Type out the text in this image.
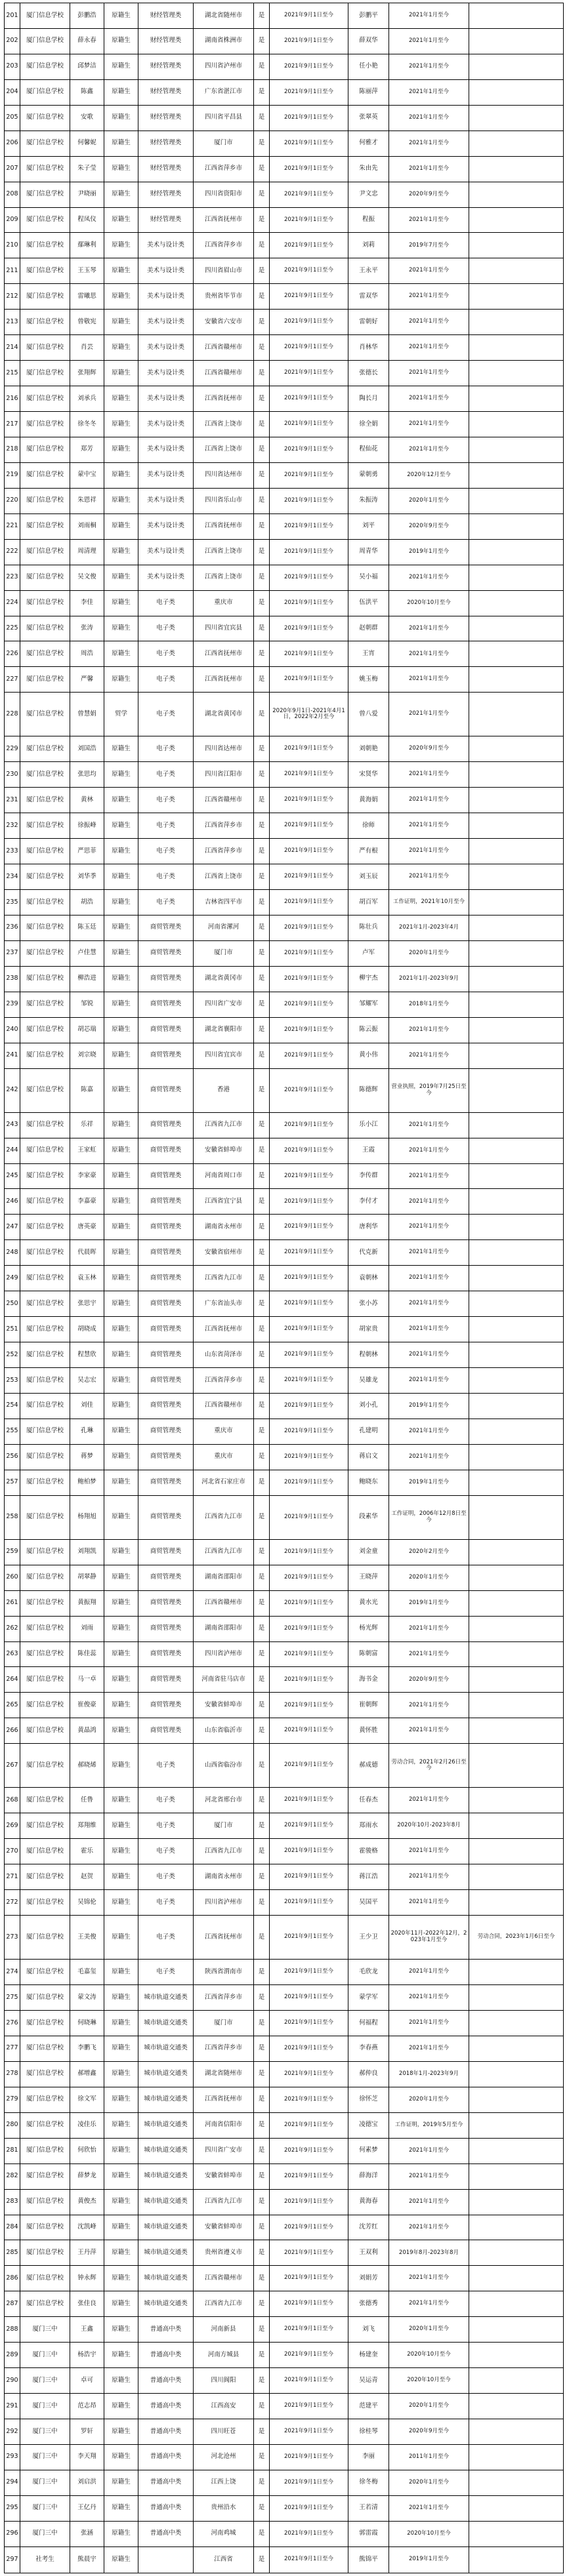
201	厦门信息学校	彭鹏浩	原籍生	财经管理类	湖北省随州市	是	2021年9月1日至今	彭鹏平	2021年1月至今	
202	厦门信息学校	薛永春	原籍生	财经管理类	湖南省株洲市	是	2021年9月1日至今	薛双华	2021年1月至今	
203	厦门信息学校	邱梦洁	原籍生	财经管理类	四川省泸州市	是	2021年9月1日至今	任小艳	2021年1月至今	
204	厦门信息学校	陈鑫	原籍生	财经管理类	广东省湛江市	是	2021年9月1日至今	陈丽萍	2021年1月至今	
205	厦门信息学校	安歌	原籍生	财经管理类	四川省平昌县	是	2021年9月1日至今	张翠英	2021年1月至今	
206	厦门信息学校	何馨妮	原籍生	财经管理类	厦门市	是	2021年9月1日至今	何雅才	2021年1月至今	
207	厦门信息学校	朱子莹	原籍生	财经管理类	江西省萍乡市	是	2021年9月1日至今	朱由先	2021年1月至今	
208	厦门信息学校	尹晓丽	原籍生	财经管理类	四川省资阳市	是	2021年9月1日至今	尹文忠	2020年9月至今	
209	厦门信息学校	程凤仪	原籍生	财经管理类	江西省抚州市	是	2021年9月1日至今	程振	2021年1月至今	
210	厦门信息学校	鄢琳利	原籍生	美术与设计类	江西省萍乡市	是	2021年9月1日至今	刘莉	2019年7月至今	
211	厦门信息学校	王玉琴	原籍生	美术与设计类	四川省眉山市	是	2021年9月1日至今	王永平	2021年1月至今	
212	厦门信息学校	雷曦思	原籍生	美术与设计类	贵州省毕节市	是	2021年9月1日至今	雷双华	2021年1月至今	
213	厦门信息学校	曾敬宪	原籍生	美术与设计类	安徽省六安市	是	2021年9月1日至今	雷朝好	2021年1月至今	
214	厦门信息学校	肖芸	原籍生	美术与设计类	江西省赣州市	是	2021年9月1日至今	肖林华	2021年1月至今	
215	厦门信息学校	张翔辉	原籍生	美术与设计类	江西省赣州市	是	2021年9月1日至今	张德长	2021年1月至今	
216	厦门信息学校	刘承兵	原籍生	美术与设计类	江西省抚州市	是	2021年9月1日至今	陶长月	2021年1月至今	
217	厦门信息学校	徐冬冬	原籍生	美术与设计类	江西省上饶市	是	2021年9月1日至今	徐全娟	2021年1月至今	
218	厦门信息学校	郑芳	原籍生	美术与设计类	江西省上饶市	是	2021年9月1日至今	程仙花	2021年1月至今	
219	厦门信息学校	蒙中宝	原籍生	美术与设计类	四川省达州市	是	2021年9月1日至今	蒙朝勇	2020年12月至今	
220	厦门信息学校	朱恩祥	原籍生	美术与设计类	四川省乐山市	是	2021年9月1日至今	朱振涛	2020年1月至今	
221	厦门信息学校	刘雨桐	原籍生	美术与设计类	江西省抚州市	是	2021年9月1日至今	刘平	2020年9月至今	
222	厦门信息学校	周清理	原籍生	美术与设计类	江西省上饶市	是	2021年9月1日至今	周青华	2019年1月至今	
223	厦门信息学校	吴文俊	原籍生	美术与设计类	江西省上饶市	是	2021年9月1日至今	吴小福	2021年1月至今	
224	厦门信息学校	李佳	原籍生	电子类	重庆市	是	2021年9月1日至今	伍洪平	2020年10月至今	
225	厦门信息学校	张涛	原籍生	电子类	四川省宜宾县	是	2021年9月1日至今	赵朝群	2021年1月至今	
226	厦门信息学校	周浩	原籍生	电子类	江西省抚州市	是	2021年9月1日至今	王宵	2021年1月至今	
227	厦门信息学校	严馨	原籍生	电子类	江西省抚州市	是	2021年9月1日至今	姚玉梅	2021年1月至今	
228	厦门信息学校	曾慧娟	贸学	电子类	湖北省黄冈市	是	2020年9月1日-2021年4月1日，2022年2月至今	曾八爱	2021年1月至今	
229	厦门信息学校	刘国浩	原籍生	电子类	四川省达州市	是	2021年9月1日至今	刘朝艳	2020年9月至今	
230	厦门信息学校	张思均	原籍生	电子类	四川省江阳市	是	2021年9月1日至今	宋贤华	2021年1月至今	
231	厦门信息学校	黄林	原籍生	电子类	江西省赣州市	是	2021年9月1日至今	黄海娟	2021年1月至今	
232	厦门信息学校	徐振峰	原籍生	电子类	江西省萍乡市	是	2021年9月1日至今	徐师	2021年1月至今	
233	厦门信息学校	严思菲	原籍生	电子类	江西省萍乡市	是	2021年9月1日至今	严有根	2021年1月至今	
234	厦门信息学校	刘华季	原籍生	电子类	江西省上饶市	是	2021年9月1日至今	刘玉辰	2021年1月至今	
235	厦门信息学校	胡浩	原籍生	电子类	吉林省四平市	是	2021年9月1日至今	胡百军	工作证明，2021年10月至今	
236	厦门信息学校	陈玉廷	原籍生	商贸管理类	河南省漯河	是	2021年9月1日至今	陈壮兵	2021年1月-2023年4月	
237	厦门信息学校	卢佳慧	原籍生	商贸管理类	厦门市	是	2021年9月1日至今	卢军	2020年1月至今	
238	厦门信息学校	柳浩进	原籍生	商贸管理类	湖北省黄冈市	是	2021年9月1日至今	柳宇杰	2021年1月-2023年9月	
239	厦门信息学校	邹锐	原籍生	商贸管理类	四川省广安市	是	2021年9月1日至今	邹耀军	2018年1月至今	
240	厦门信息学校	胡芯瑞	原籍生	商贸管理类	湖北省襄阳市	是	2021年9月1日至今	陈云振	2021年1月至今	
241	厦门信息学校	刘宗晓	原籍生	商贸管理类	四川省宜宾市	是	2021年9月1日至今	黄小伟	2021年1月至今	
242	厦门信息学校	陈嘉	原籍生	商贸管理类	香港	是	2021年9月1日至今	陈德辉	营业执照，2019年7月25日至今	
243	厦门信息学校	乐祥	原籍生	商贸管理类	江西省九江市	是	2021年9月1日至今	乐小江	2021年1月至今	
244	厦门信息学校	王家虹	原籍生	商贸管理类	安徽省蚌埠市	是	2021年9月1日至今	王霞	2021年1月至今	
245	厦门信息学校	李家豪	原籍生	商贸管理类	河南省周口市	是	2021年9月1日至今	李传群	2021年1月至今	
246	厦门信息学校	李嘉豪	原籍生	商贸管理类	江西省宜宁县	是	2021年9月1日至今	李付才	2021年1月至今	
247	厦门信息学校	唐英豪	原籍生	商贸管理类	湖南省永州市	是	2021年9月1日至今	唐利华	2021年1月至今	
248	厦门信息学校	代晨晖	原籍生	商贸管理类	安徽省宿州市	是	2021年9月1日至今	代克新	2021年1月至今	
249	厦门信息学校	袁玉林	原籍生	商贸管理类	江西省九江市	是	2021年9月1日至今	袁朝林	2021年1月至今	
250	厦门信息学校	张思宇	原籍生	商贸管理类	广东省汕头市	是	2021年9月1日至今	张小苏	2021年1月至今	
251	厦门信息学校	胡晓成	原籍生	商贸管理类	江西省抚州市	是	2021年9月1日至今	胡家贵	2021年1月至今	
252	厦门信息学校	程慧欣	原籍生	商贸管理类	山东省菏泽市	是	2021年9月1日至今	程朝林	2021年1月至今	
253	厦门信息学校	吴志宏	原籍生	商贸管理类	江西省萍乡市	是	2021年9月1日至今	吴雄龙	2021年1月至今	
254	厦门信息学校	刘佳	原籍生	商贸管理类	江西省赣州市	是	2021年9月1日至今	刘小孔	2019年1月至今	
255	厦门信息学校	孔琳	原籍生	商贸管理类	重庆市	是	2021年9月1日至今	孔建明	2021年1月至今	
256	厦门信息学校	蒋梦	原籍生	商贸管理类	重庆市	是	2021年9月1日至今	蒋启文	2021年1月至今	
257	厦门信息学校	鲍柏梦	原籍生	商贸管理类	河北省石家庄市	是	2021年9月1日至今	鲍晓东	2019年1月至今	
258	厦门信息学校	杨翔旭	原籍生	商贸管理类	江西省九江市	是	2021年9月1日至今	段素华	工作证明，2006年12月8日至今	
259	厦门信息学校	刘翔凯	原籍生	商贸管理类	江西省九江市	是	2021年9月1日至今	刘金童	2020年2月至今	
260	厦门信息学校	胡翠静	原籍生	商贸管理类	湖南省邵阳市	是	2021年9月1日至今	王晓萍	2020年1月至今	
261	厦门信息学校	黄振翔	原籍生	商贸管理类	江西省赣州市	是	2021年9月1日至今	黄水光	2019年1月至今	
262	厦门信息学校	刘雨	原籍生	商贸管理类	湖南省邵阳市	是	2021年9月1日至今	杨光辉	2021年1月至今	
263	厦门信息学校	陈佳蕊	原籍生	商贸管理类	四川省泸州市	是	2021年9月1日至今	陈朝富	2021年1月至今	
264	厦门信息学校	马一卓	原籍生	商贸管理类	河南省驻马店市	是	2021年9月1日至今	海书金	2020年9月至今	
265	厦门信息学校	崔俊豪	原籍生	商贸管理类	安徽省蚌埠市	是	2021年9月1日至今	崔朝辉	2021年1月至今	
266	厦门信息学校	黄晶鸿	原籍生	商贸管理类	山东省临沂市	是	2021年9月1日至今	黄怀胜	2021年1月至今	
267	厦门信息学校	郝晓烯	原籍生	电子类	山西省临汾市	是	2021年9月1日至今	郝成德	劳动合同，2021年2月26日至今	
268	厦门信息学校	任鲁	原籍生	电子类	河北省邢台市	是	2021年9月1日至今	任春杰	2021年1月至今	
269	厦门信息学校	郑翔维	原籍生	电子类	厦门市	是	2021年9月1日至今	郑雨水	2020年10月-2023年8月	
270	厦门信息学校	霍乐	原籍生	电子类	江西省九江市	是	2021年9月1日至今	霍骏格	2021年1月至今	
271	厦门信息学校	赵贺	原籍生	电子类	湖南省永州市	是	2021年9月1日至今	蒋江浩	2021年1月至今	
272	厦门信息学校	吴锦伦	原籍生	电子类	四川省泸州市	是	2021年9月1日至今	吴国平	2021年1月至今	
273	厦门信息学校	王美俊	原籍生	电子类	江西省抚州市	是	2021年9月1日至今	王少卫	2020年11月-2022年12月，2023年1月至今	劳动合同，2023年1月6日至今
274	厦门信息学校	毛嘉玺	原籍生	电子类	陕西省渭南市	是	2021年9月1日至今	毛欣龙	2021年1月至今	
275	厦门信息学校	蒙文涛	原籍生	城市轨道交通类	江西省萍乡市	是	2021年9月1日至今	蒙学军	2021年1月至今	
276	厦门信息学校	何晓琳	原籍生	城市轨道交通类	厦门市	是	2021年9月1日至今	何福程	2021年1月至今	
277	厦门信息学校	李鹏飞	原籍生	城市轨道交通类	江西省萍乡市	是	2021年9月1日至今	李春燕	2021年1月至今	
278	厦门信息学校	郝增鑫	原籍生	城市轨道交通类	湖北省随州市	是	2021年9月1日至今	郝仲良	2018年1月-2023年9月	
279	厦门信息学校	徐文军	原籍生	城市轨道交通类	江西省抚州市	是	2021年9月1日至今	徐怀芝	2020年1月至今	
280	厦门信息学校	凌佳乐	原籍生	城市轨道交通类	河南省信阳市	是	2021年9月1日至今	凌德宝	工作证明，2019年5月至今	
281	厦门信息学校	何欣怡	原籍生	城市轨道交通类	四川省广安市	是	2021年9月1日至今	何素梦	2021年1月至今	
282	厦门信息学校	薛梦龙	原籍生	城市轨道交通类	安徽省蚌埠市	是	2021年9月1日至今	薛海洋	2021年1月至今	
283	厦门信息学校	黄俊杰	原籍生	城市轨道交通类	江西省九江市	是	2021年9月1日至今	黄海春	2021年1月至今	
284	厦门信息学校	沈凯峰	原籍生	城市轨道交通类	安徽省蚌埠市	是	2021年9月1日至今	沈芳红	2021年1月至今	
285	厦门信息学校	王丹萍	原籍生	城市轨道交通类	贵州省遵义市	是	2021年9月1日至今	王双利	2019年8月-2023年8月	
286	厦门信息学校	钟永辉	原籍生	城市轨道交通类	江西省赣州市	是	2021年9月1日至今	刘娟芳	2021年1月至今	
287	厦门信息学校	张佳良	原籍生	城市轨道交通类	江西省九江市	是	2021年9月1日至今	张德秀	2021年1月至今	
288	厦门三中	王鑫	原籍生	普通高中类	河南新县	是	2021年9月1日至今	刘飞	2020年1月至今	
289	厦门三中	杨浩宇	原籍生	普通高中类	河南方城县	是	2021年9月1日至今	杨建奎	2020年10月至今	
290	厦门三中	卓可	原籍生	普通高中类	四川阆阳	是	2021年9月1日至今	吴运青	2020年10月至今	
291	厦门三中	范志昂	原籍生	普通高中类	江西高安	是	2021年9月1日至今	范建平	2020年1月至今	
292	厦门三中	罗轩	原籍生	普通高中类	四川旺苍	是	2021年9月1日至今	徐桂琴	2020年9月至今	
293	厦门三中	李天翔	原籍生	普通高中类	河北沧州	是	2021年9月1日至今	李丽	2011年1月至今	
294	厦门三中	刘启洪	原籍生	普通高中类	江西上饶	是	2021年9月1日至今	徐冬梅	2020年1月至今	
295	厦门三中	王亿丹	原籍生	普通高中类	贵州沿水	是	2021年9月1日至今	王若清	2021年1月至今	
296	厦门三中	张涵	原籍生	普通高中类	河南鸡城	是	2021年9月1日至今	郭雷霞	2020年10月至今	
297	社考生	熊晨宇	原籍生		江西省	是	2021年9月1日至今	熊锦平	2019年1月至今	
